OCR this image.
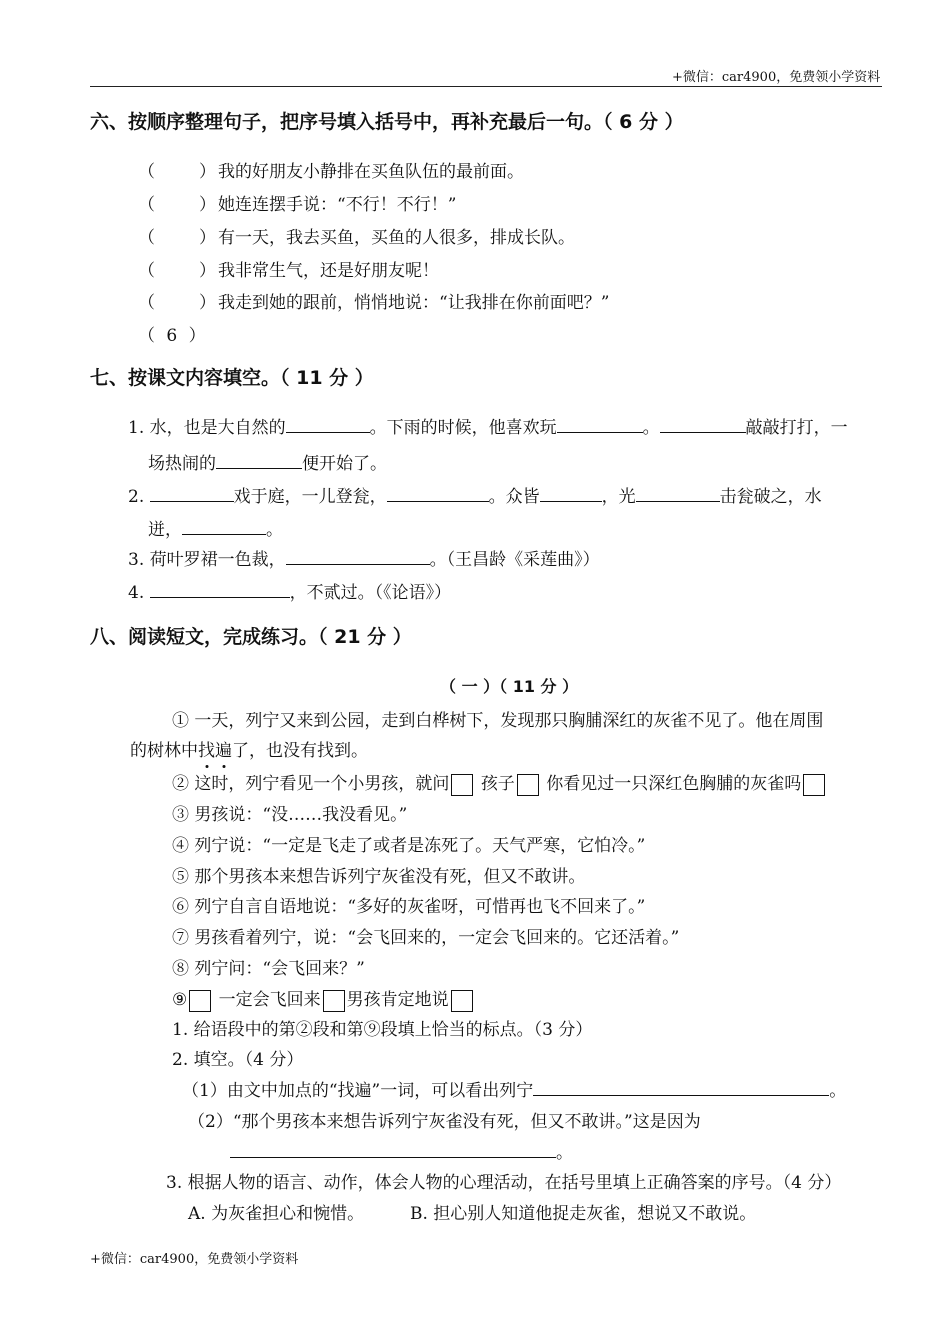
+微信：car4900，免费领小学资料
六、按顺序整理句子，把序号填入括号中，再补充最后一句。（ 6 分 ）
（	） 我的好朋友小静排在买鱼队伍的最前面。
（	） 她连连摆手说：“不行！不行！”
（	） 有一天，我去买鱼，买鱼的人很多，排成长队。
（	） 我非常生气，还是好朋友呢！
（	） 我走到她的跟前，悄悄地说：“让我排在你前面吧？”
（ 6 ）
七、按课文内容填空。（ 11 分 ）
1. 水，也是大自然的	。下雨的时候，他喜欢玩	。	敲敲打打，一
场热闹的	便开始了。
2.	戏于庭，一儿登瓮，	。众皆	，光	击瓮破之，水
迸，	。
3. 荷叶罗裙一色裁，	。（王昌龄《采莲曲》）
4.	，不贰过。（《论语》）
八、阅读短文，完成练习。（ 21 分 ）
（ 一 ）（ 11 分 ）
① 一天，列宁又来到公园，走到白桦树下，发现那只胸脯深红的灰雀不见了。他在周围
的树林中找遍了，也没有找到。
② 这时，列宁看见一个小男孩，就问 孩子 你看见过一只深红色胸脯的灰雀吗
③ 男孩说：“没……我没看见。”
④ 列宁说：“一定是飞走了或者是冻死了。天气严寒，它怕冷。”
⑤ 那个男孩本来想告诉列宁灰雀没有死，但又不敢讲。
⑥ 列宁自言自语地说：“多好的灰雀呀，可惜再也飞不回来了。”
⑦ 男孩看着列宁，说：“会飞回来的，一定会飞回来的。它还活着。”
⑧ 列宁问：“会飞回来？”
⑨ 一定会飞回来 男孩肯定地说
1. 给语段中的第②段和第⑨段填上恰当的标点。（3 分）
2. 填空。（4 分）
（1）由文中加点的“找遍”一词，可以看出列宁	。
（2）“那个男孩本来想告诉列宁灰雀没有死，但又不敢讲。”这是因为
。
3. 根据人物的语言、动作，体会人物的心理活动，在括号里填上正确答案的序号。（4 分）
A. 为灰雀担心和惋惜。	B. 担心别人知道他捉走灰雀，想说又不敢说。
+微信：car4900，免费领小学资料
